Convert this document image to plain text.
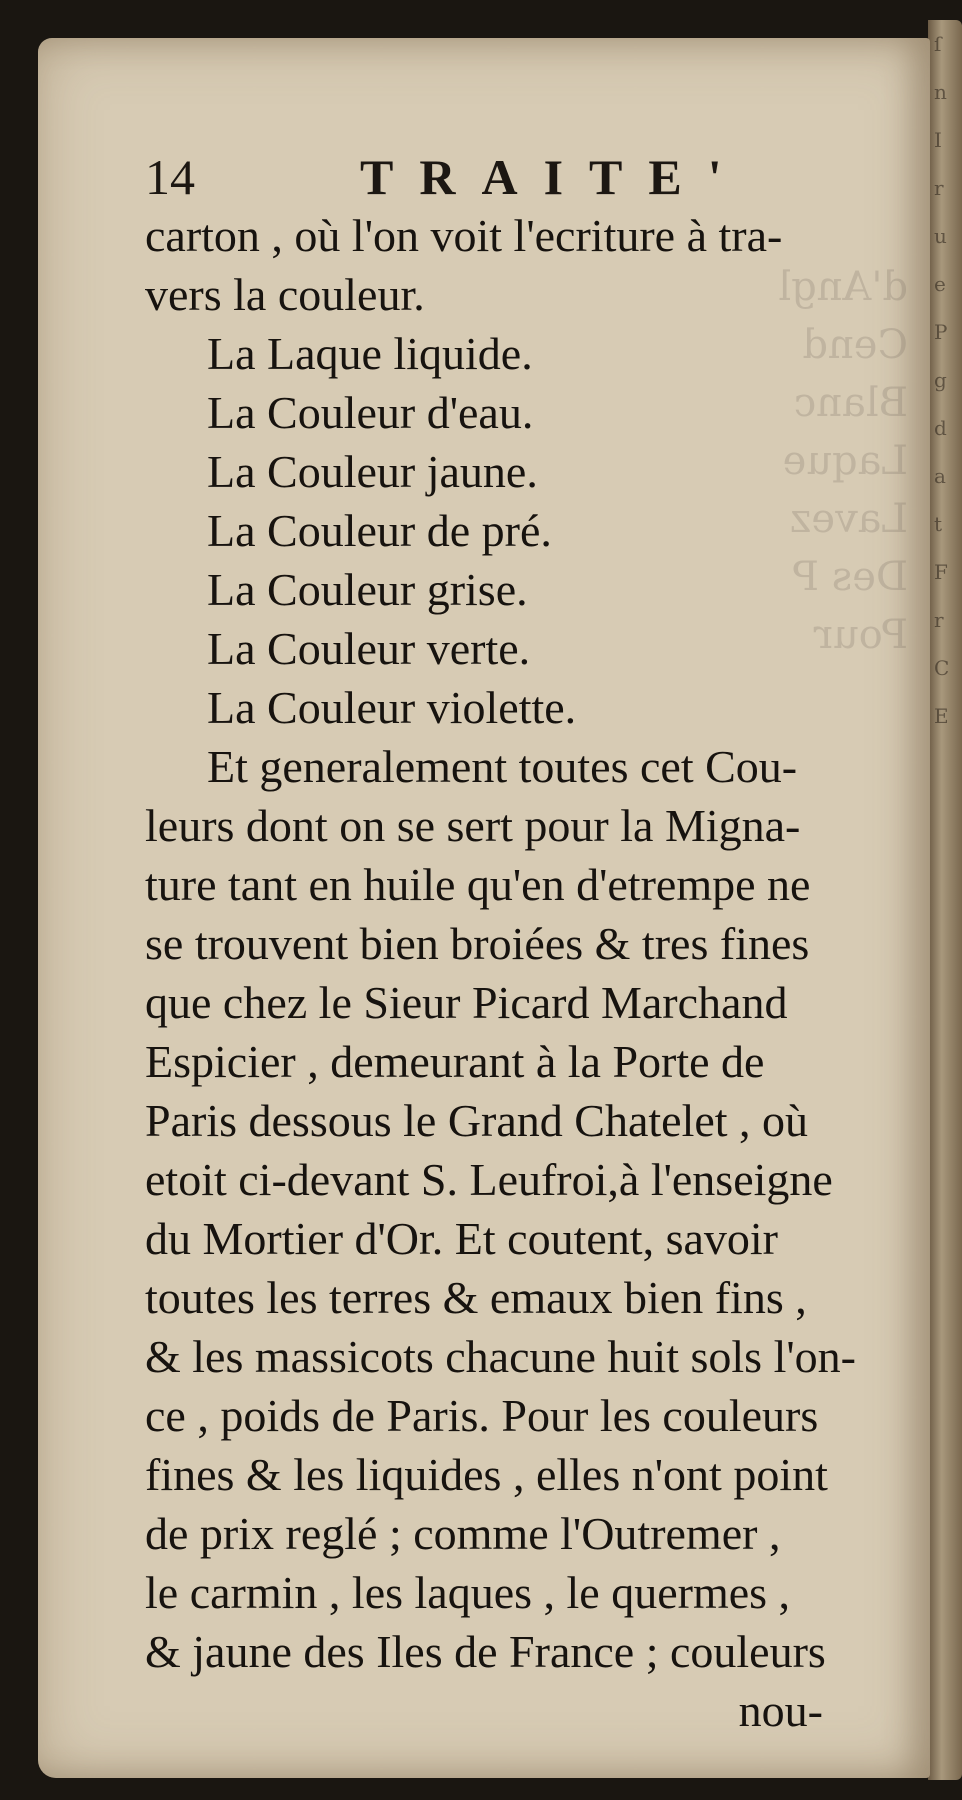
ſ
n
I
r
u
e
P
g
d
a
t
F
r
C
E
d'Angl
Cend
Blanc
Laque
Lavez
Des P
Pour
14	TRAITE'
carton , où l'on voit l'ecriture à tra-
vers la couleur.
La Laque liquide.
La Couleur d'eau.
La Couleur jaune.
La Couleur de pré.
La Couleur grise.
La Couleur verte.
La Couleur violette.
Et generalement toutes cet Cou-
leurs dont on se sert pour la Migna-
ture tant en huile qu'en d'etrempe ne
se trouvent bien broiées & tres fines
que chez le Sieur Picard Marchand
Espicier , demeurant à la Porte de
Paris dessous le Grand Chatelet , où
etoit ci-devant S. Leufroi,à l'enseigne
du Mortier d'Or. Et coutent, savoir
toutes les terres & emaux bien fins ,
& les massicots chacune huit sols l'on-
ce , poids de Paris. Pour les couleurs
fines & les liquides , elles n'ont point
de prix reglé ; comme l'Outremer ,
le carmin , les laques , le quermes ,
& jaune des Iles de France ; couleurs
nou-
